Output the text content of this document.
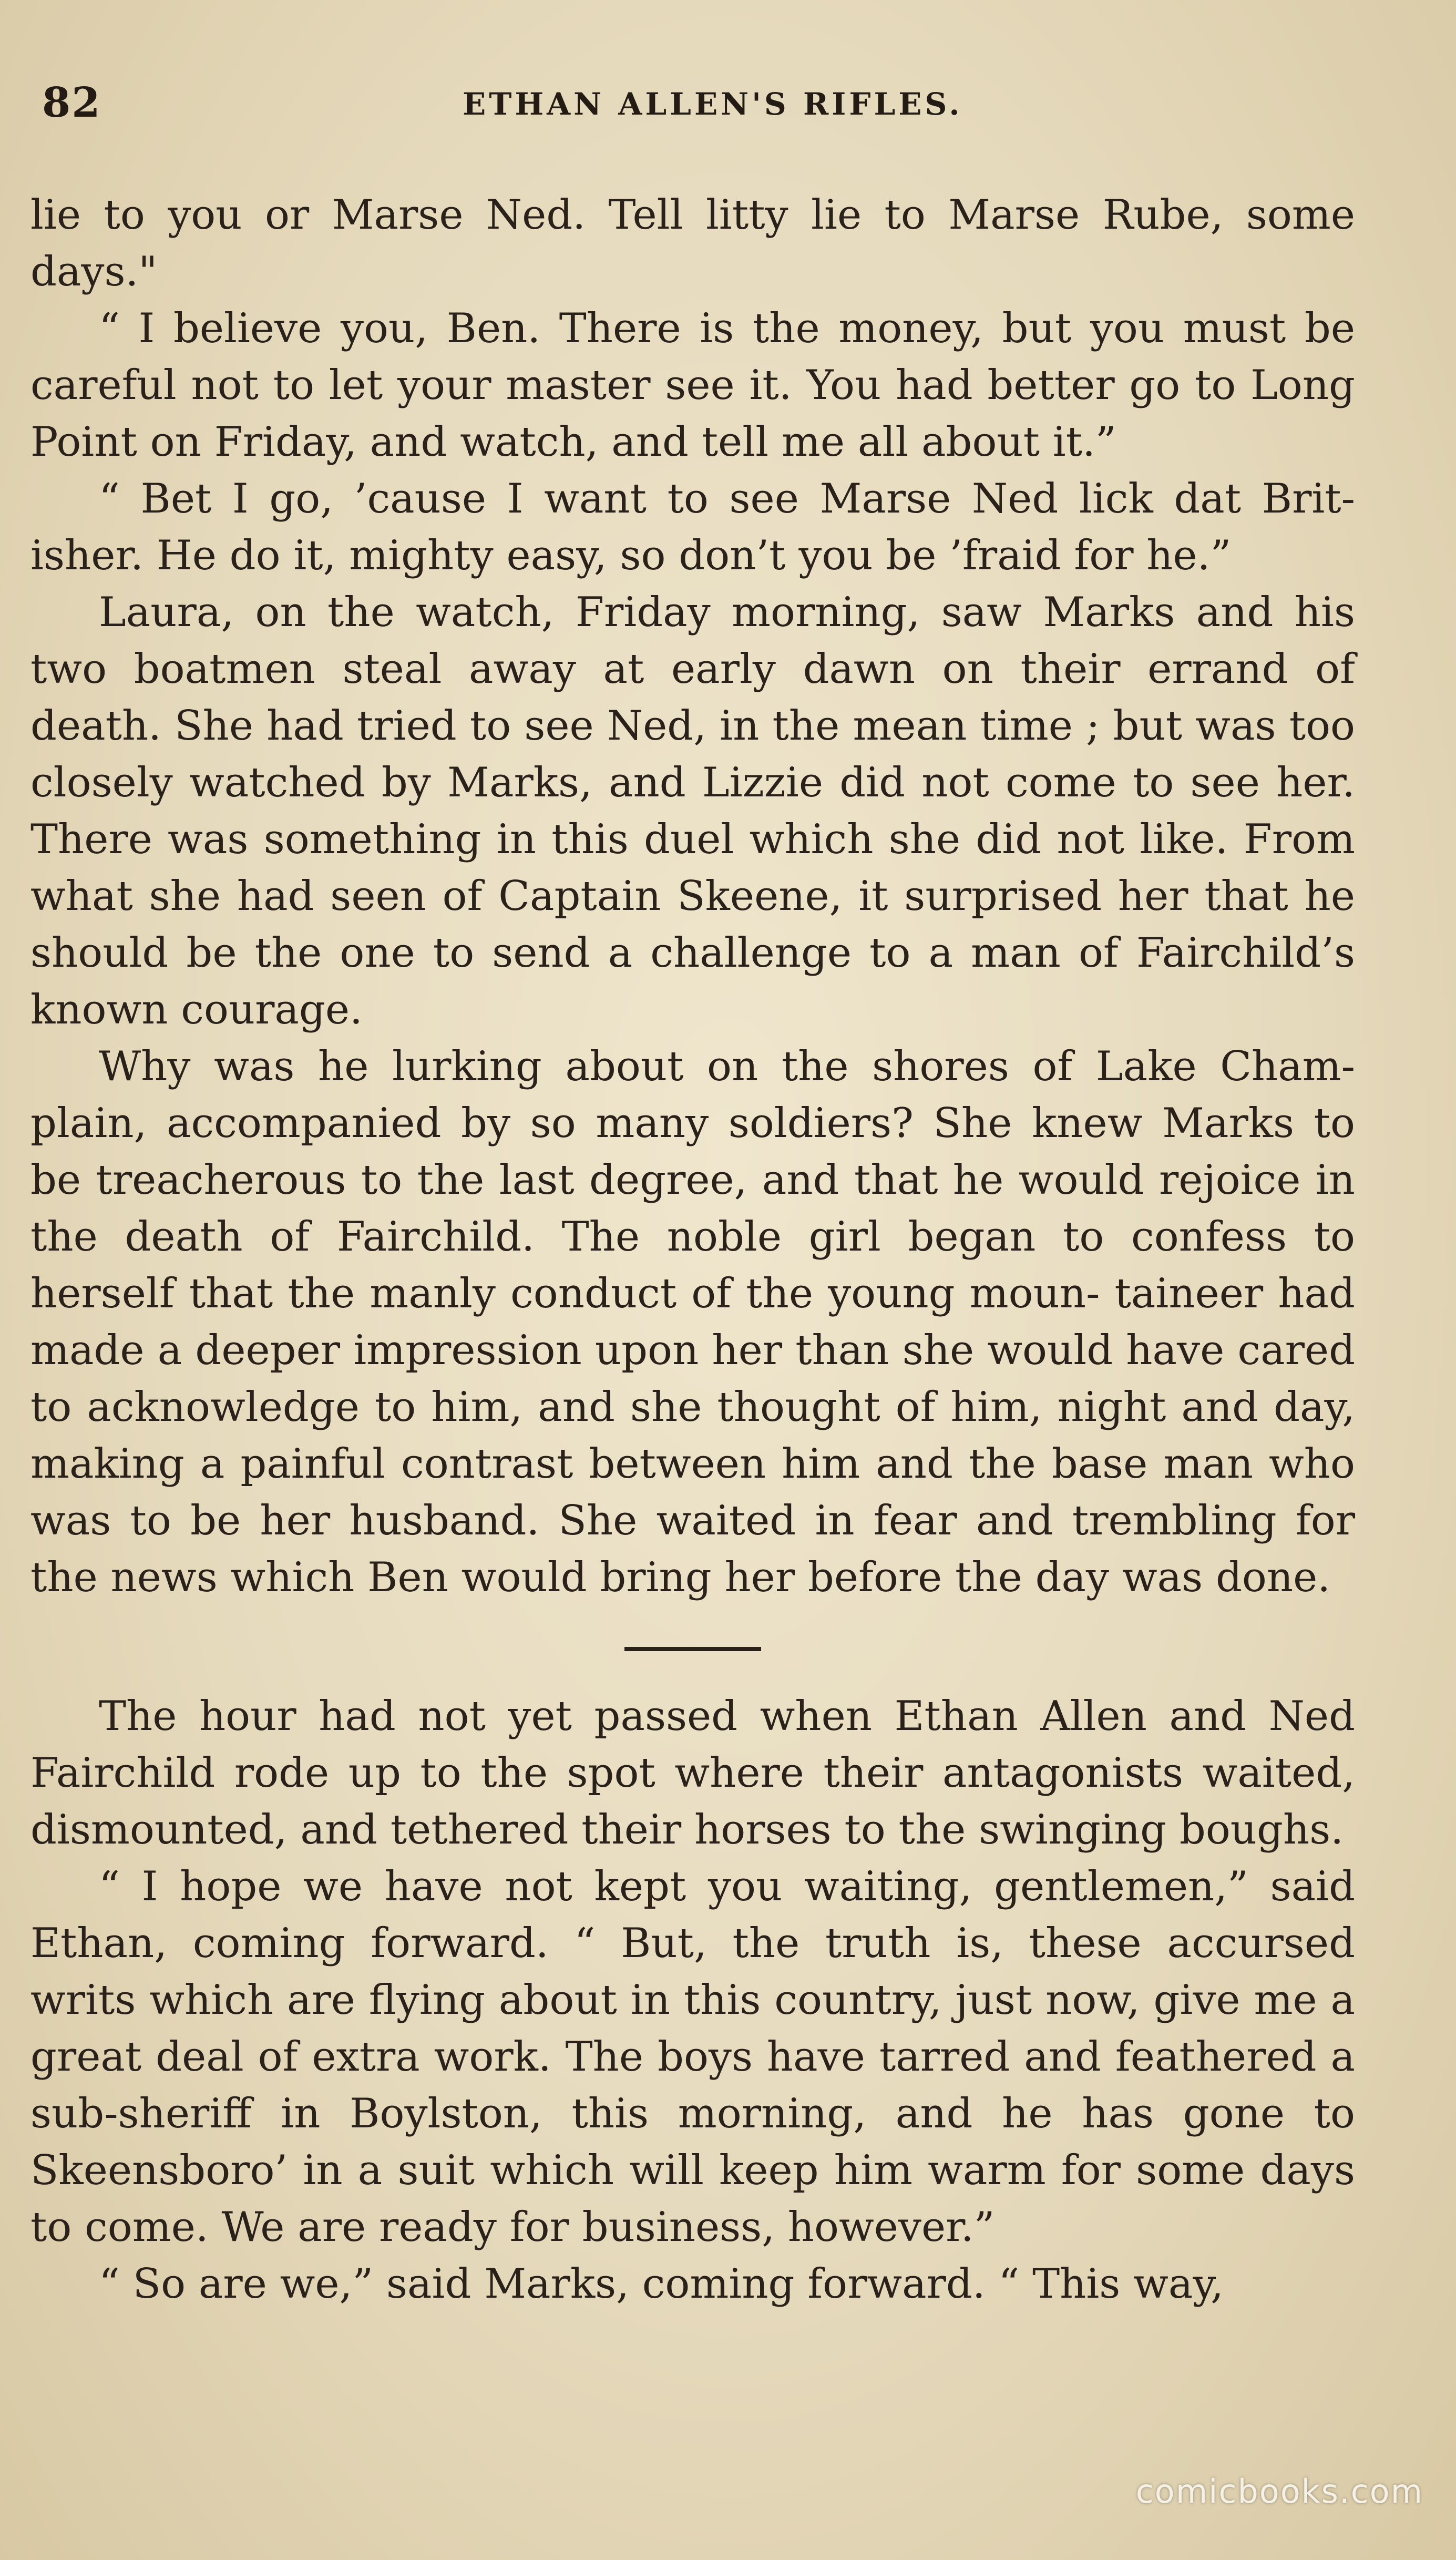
82	ETHAN ALLEN'S RIFLES.

lie to you or Marse Ned. Tell litty lie to Marse Rube, some days."

“ I believe you, Ben. There is the money, but you must be careful not to let your master see it. You had better go to Long Point on Friday, and watch, and tell me all about it.”

“ Bet I go, ’cause I want to see Marse Ned lick dat Brit- isher. He do it, mighty easy, so don’t you be ’fraid for he.”

Laura, on the watch, Friday morning, saw Marks and his two boatmen steal away at early dawn on their errand of death. She had tried to see Ned, in the mean time ; but was too closely watched by Marks, and Lizzie did not come to see her. There was something in this duel which she did not like. From what she had seen of Captain Skeene, it surprised her that he should be the one to send a challenge to a man of Fairchild’s known courage.

Why was he lurking about on the shores of Lake Cham- plain, accompanied by so many soldiers? She knew Marks to be treacherous to the last degree, and that he would rejoice in the death of Fairchild. The noble girl began to confess to herself that the manly conduct of the young moun- taineer had made a deeper impression upon her than she would have cared to acknowledge to him, and she thought of him, night and day, making a painful contrast between him and the base man who was to be her husband. She waited in fear and trembling for the news which Ben would bring her before the day was done.

The hour had not yet passed when Ethan Allen and Ned Fairchild rode up to the spot where their antagonists waited, dismounted, and tethered their horses to the swinging boughs.

“ I hope we have not kept you waiting, gentlemen,” said Ethan, coming forward. “ But, the truth is, these accursed writs which are flying about in this country, just now, give me a great deal of extra work. The boys have tarred and feathered a sub-sheriff in Boylston, this morning, and he has gone to Skeensboro’ in a suit which will keep him warm for some days to come. We are ready for business, however.”

“ So are we,” said Marks, coming forward. “ This way,

comicbooks.com
